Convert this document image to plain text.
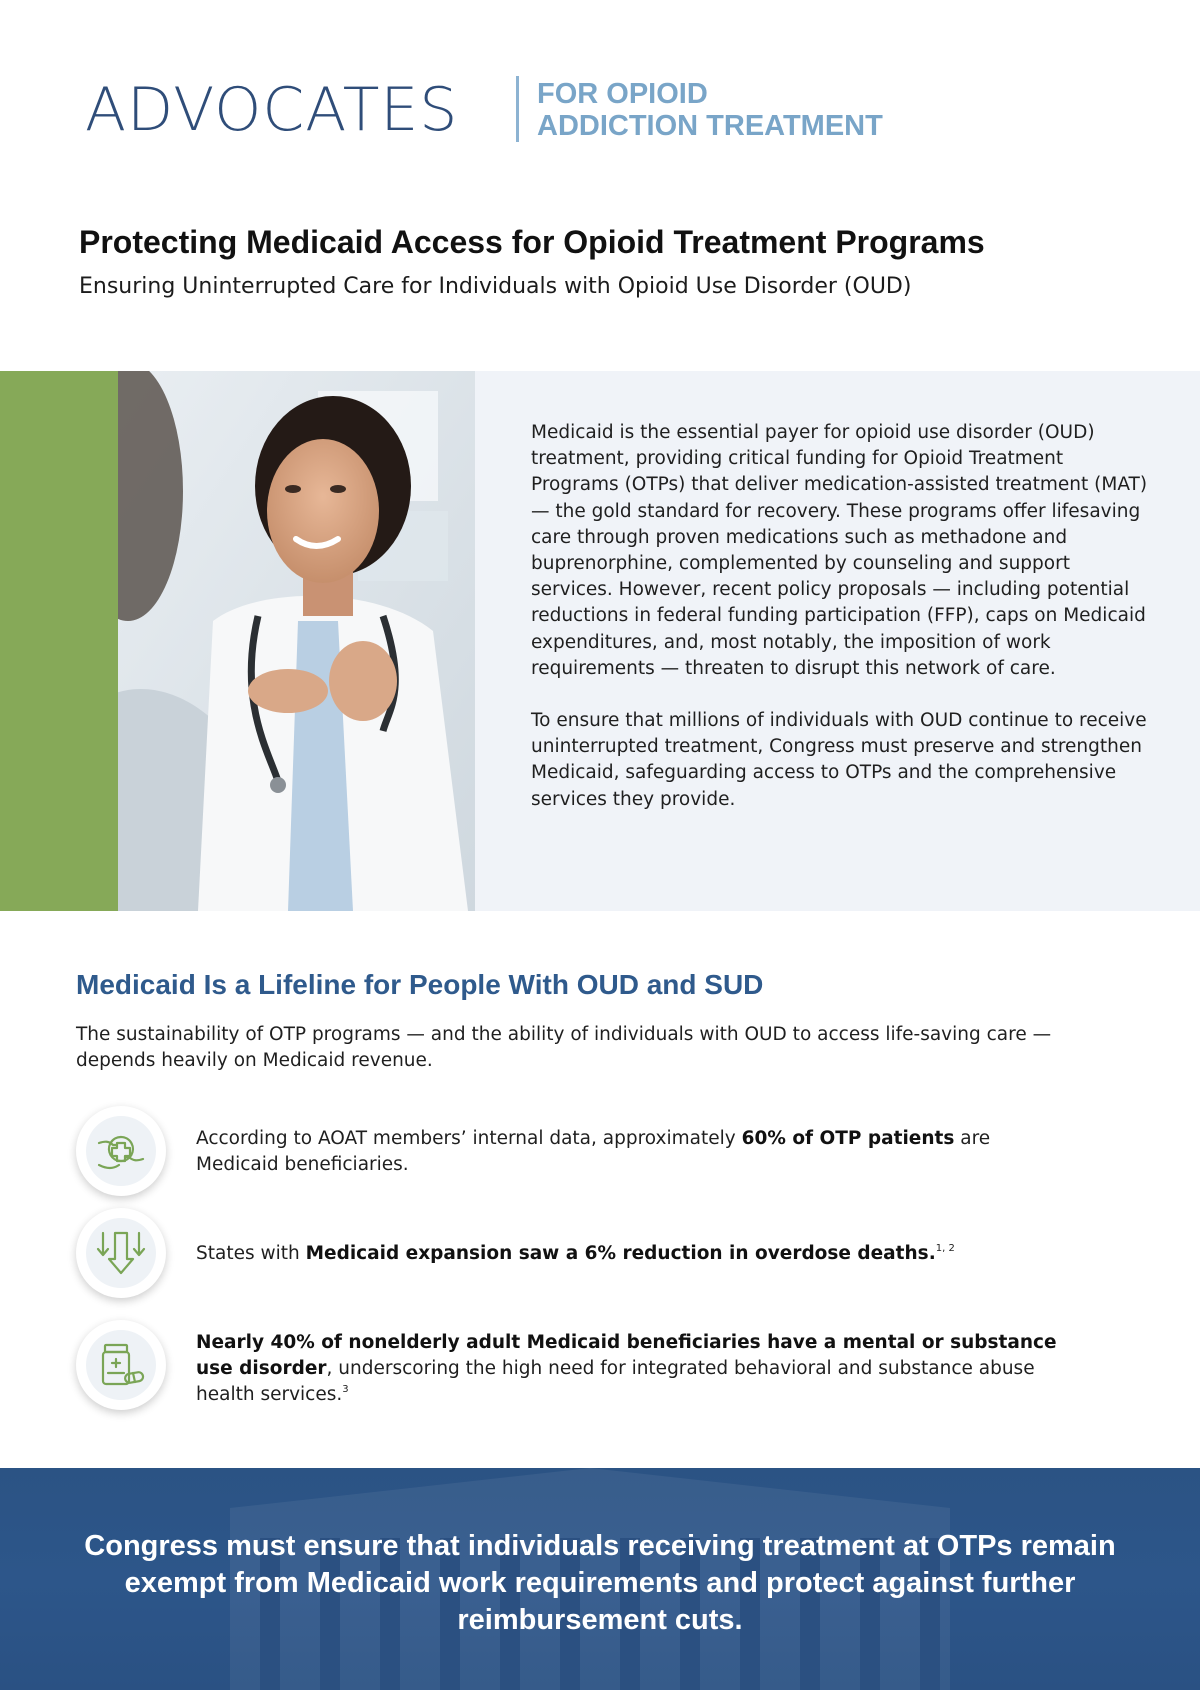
ADVOCATES	FOR OPIOID
ADDICTION TREATMENT
Protecting Medicaid Access for Opioid Treatment Programs
Ensuring Uninterrupted Care for Individuals with Opioid Use Disorder (OUD)

Medicaid is the essential payer for opioid use disorder (OUD) treatment, providing critical funding for Opioid Treatment Programs (OTPs) that deliver medication-assisted treatment (MAT) — the gold standard for recovery. These programs offer lifesaving care through proven medications such as methadone and buprenorphine, complemented by counseling and support services. However, recent policy proposals — including potential reductions in federal funding participation (FFP), caps on Medicaid expenditures, and, most notably, the imposition of work requirements — threaten to disrupt this network of care.

To ensure that millions of individuals with OUD continue to receive uninterrupted treatment, Congress must preserve and strengthen Medicaid, safeguarding access to OTPs and the comprehensive services they provide.

Medicaid Is a Lifeline for People With OUD and SUD
The sustainability of OTP programs — and the ability of individuals with OUD to access life-saving care — depends heavily on Medicaid revenue.
According to AOAT members’ internal data, approximately 60% of OTP patients are Medicaid beneficiaries.
States with Medicaid expansion saw a 6% reduction in overdose deaths.$^{1, 2}$
Nearly 40% of nonelderly adult Medicaid beneficiaries have a mental or substance use disorder, underscoring the high need for integrated behavioral and substance abuse health services.$^3$
Congress must ensure that individuals receiving treatment at OTPs remain exempt from Medicaid work requirements and protect against further reimbursement cuts.
